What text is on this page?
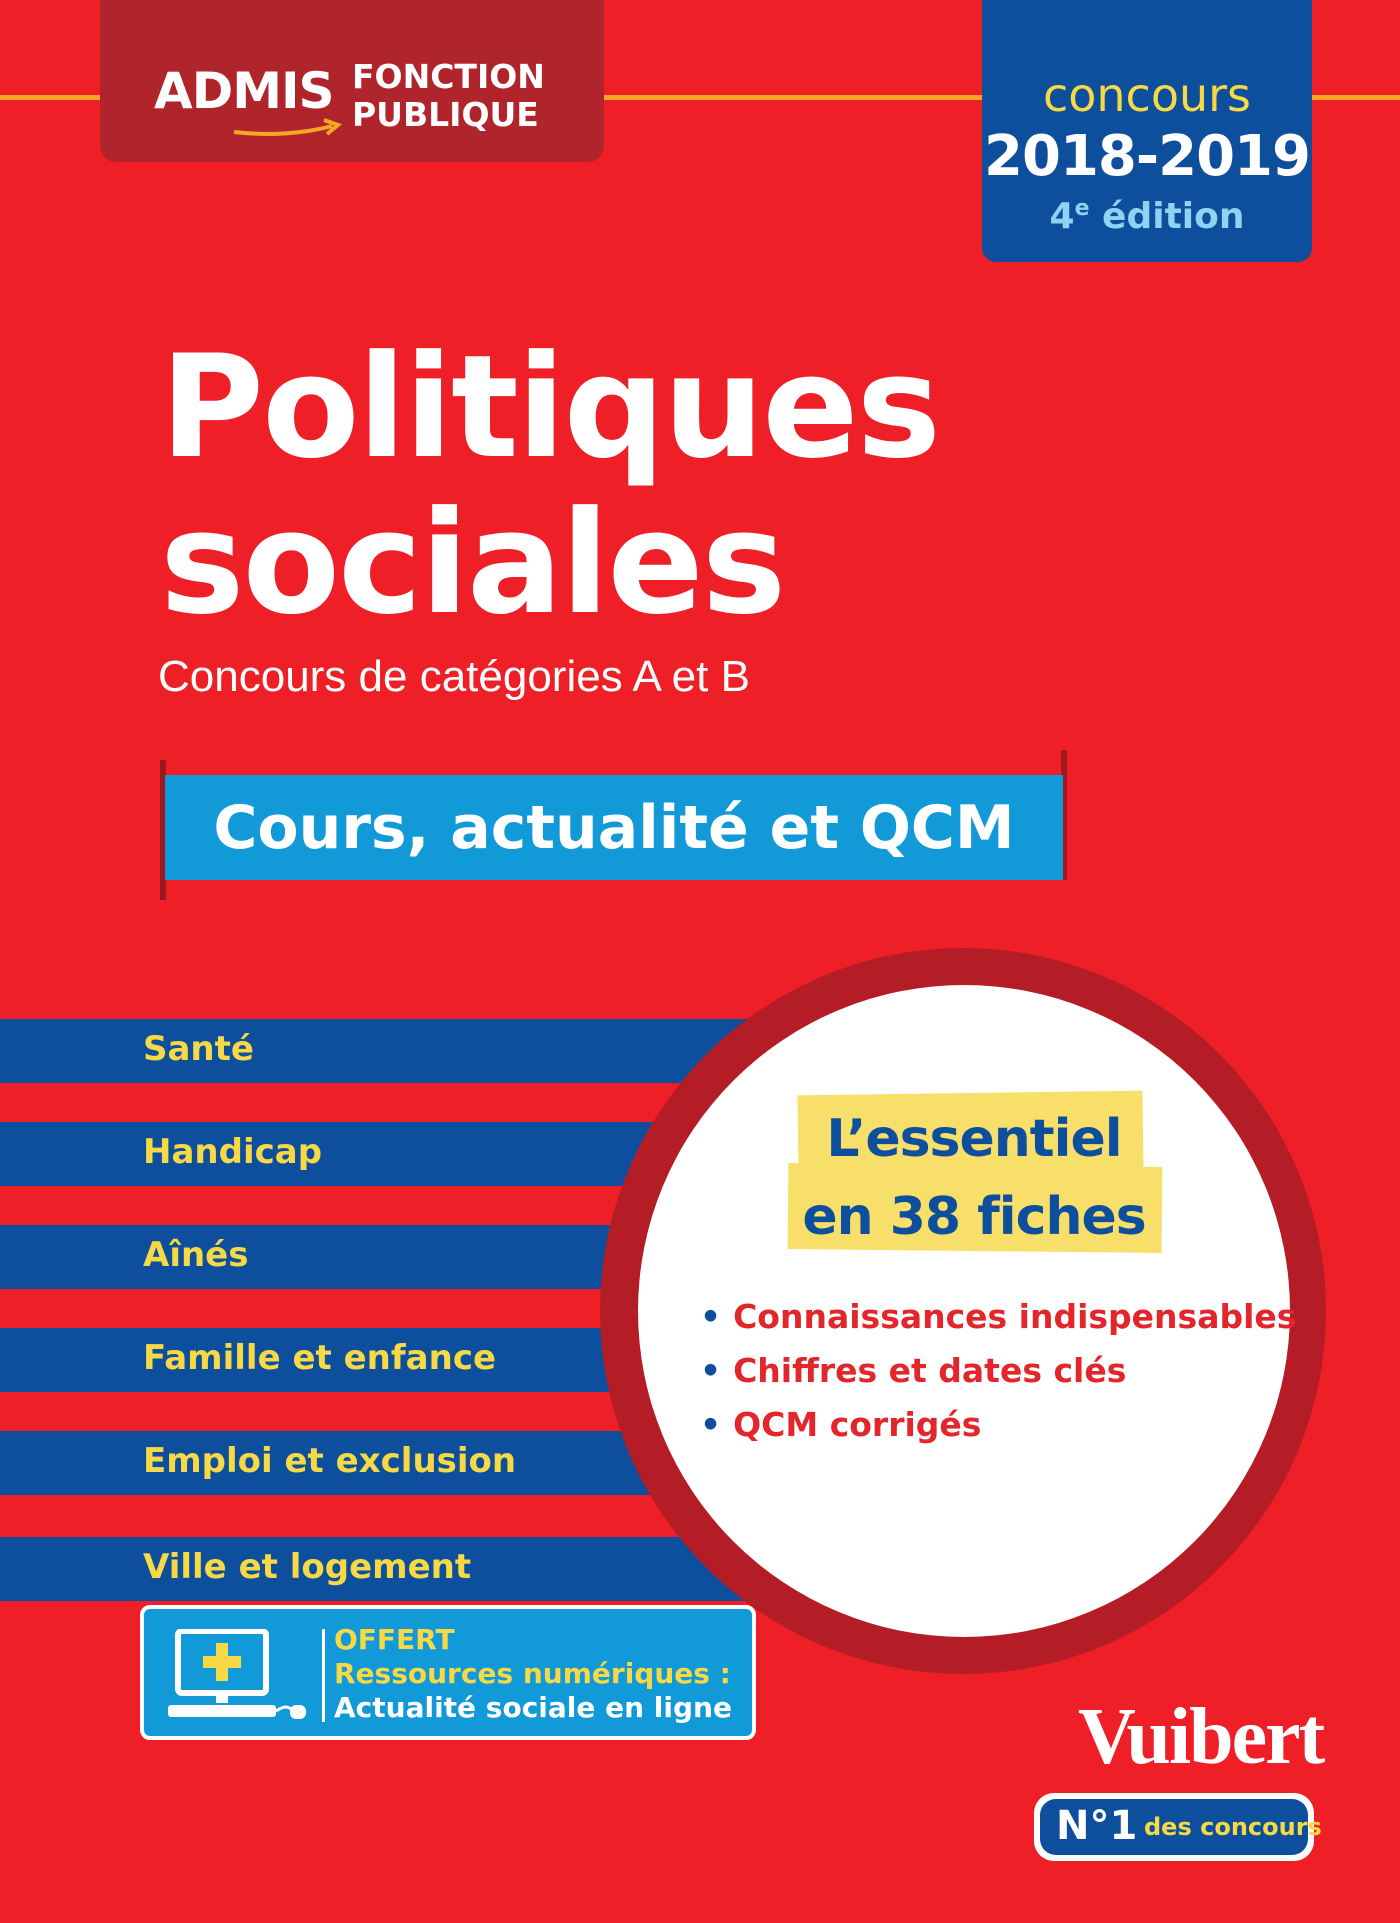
ADMIS FONCTION
PUBLIQUE	concours
2018-2019
4e édition
Politiques
sociales
Concours de catégories A et B
Cours, actualité et QCM
Santé
Handicap
Aînés
Famille et enfance
Emploi et exclusion
Ville et logement
L’essentiel
en 38 fiches
• Connaissances indispensables
• Chiffres et dates clés
• QCM corrigés
OFFERT
Ressources numériques :
Actualité sociale en ligne	Vuibert
N°1 des concours
